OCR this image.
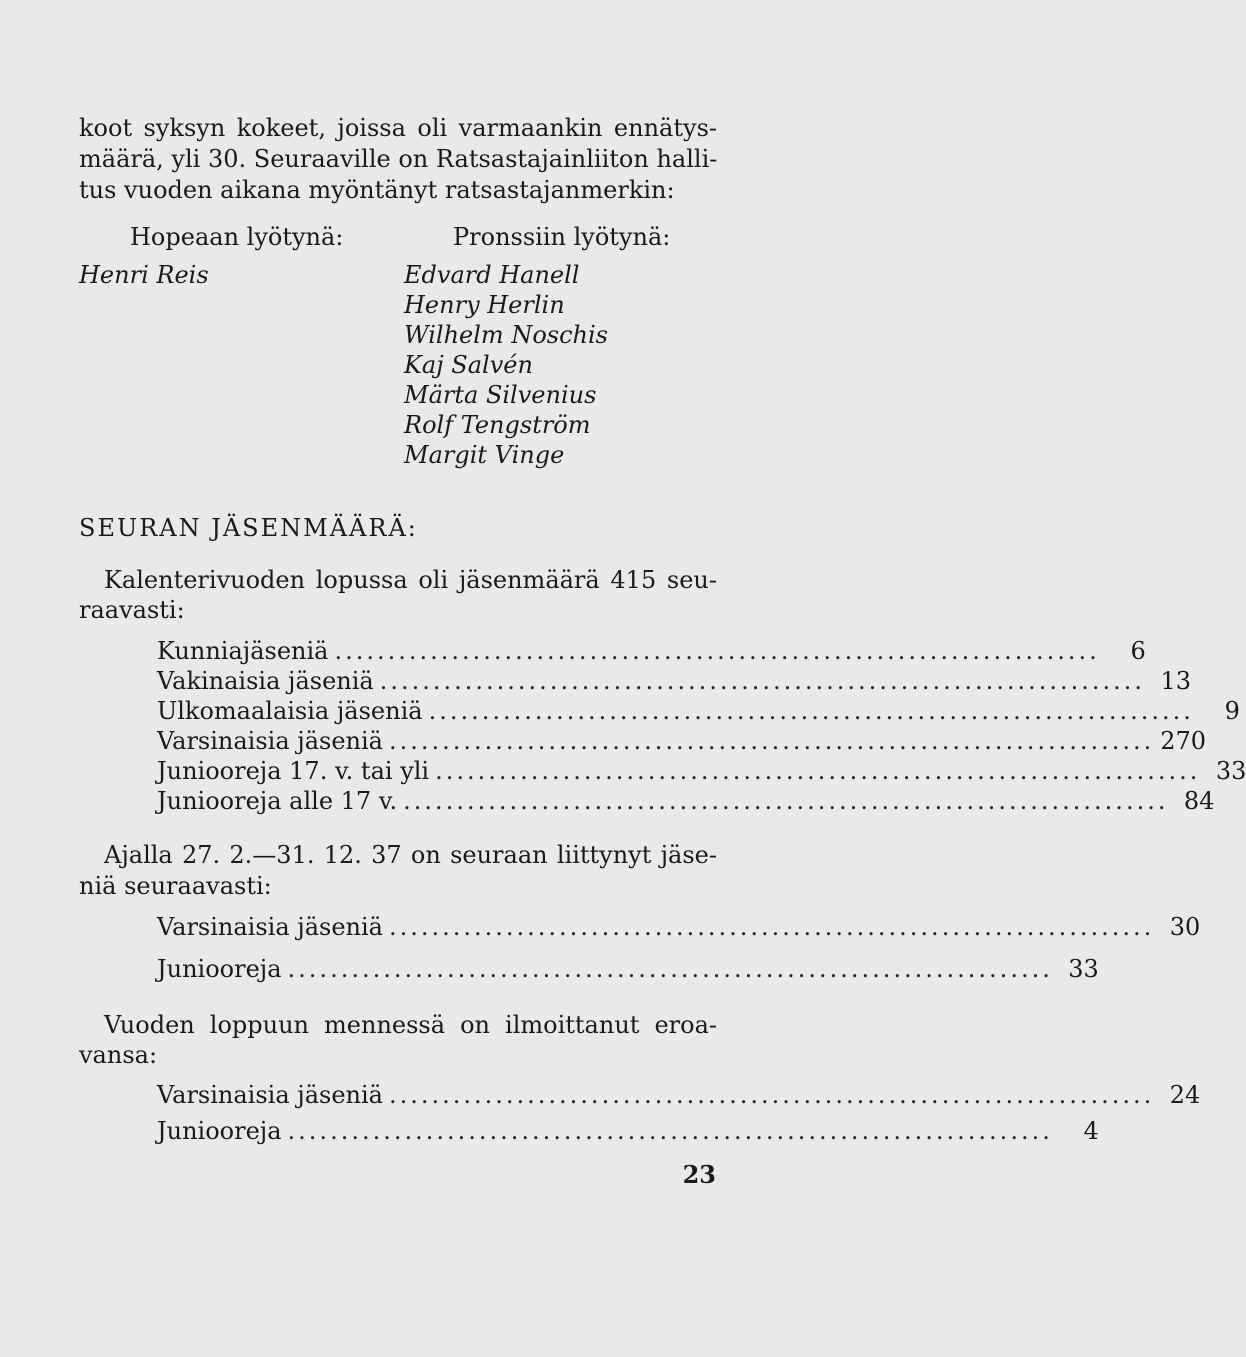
koot syksyn kokeet, joissa oli varmaankin ennätys-
määrä, yli 30. Seuraaville on Ratsastajainliiton halli-
tus vuoden aikana myöntänyt ratsastajanmerkin:
Hopeaan lyötynä:	Pronssiin lyötynä:
Henri Reis	Edvard Hanell
Henry Herlin
Wilhelm Noschis
Kaj Salvén
Märta Silvenius
Rolf Tengström
Margit Vinge
SEURAN JÄSENMÄÄRÄ:
Kalenterivuoden lopussa oli jäsenmäärä 415 seu-
raavasti:
Kunniajäseniä ........................................................................	6
Vakinaisia jäseniä ........................................................................ 13
Ulkomaalaisia jäseniä ........................................................................	9
Varsinaisia jäseniä ........................................................................ 270
Juniooreja 17. v. tai yli ........................................................................ 33
Juniooreja alle 17 v. ........................................................................ 84
Ajalla 27. 2.—31. 12. 37 on seuraan liittynyt jäse-
niä seuraavasti:
Varsinaisia jäseniä ........................................................................ 30
Juniooreja ........................................................................ 33
Vuoden loppuun mennessä on ilmoittanut eroa-
vansa:
Varsinaisia jäseniä ........................................................................ 24
Juniooreja ........................................................................	4
23
